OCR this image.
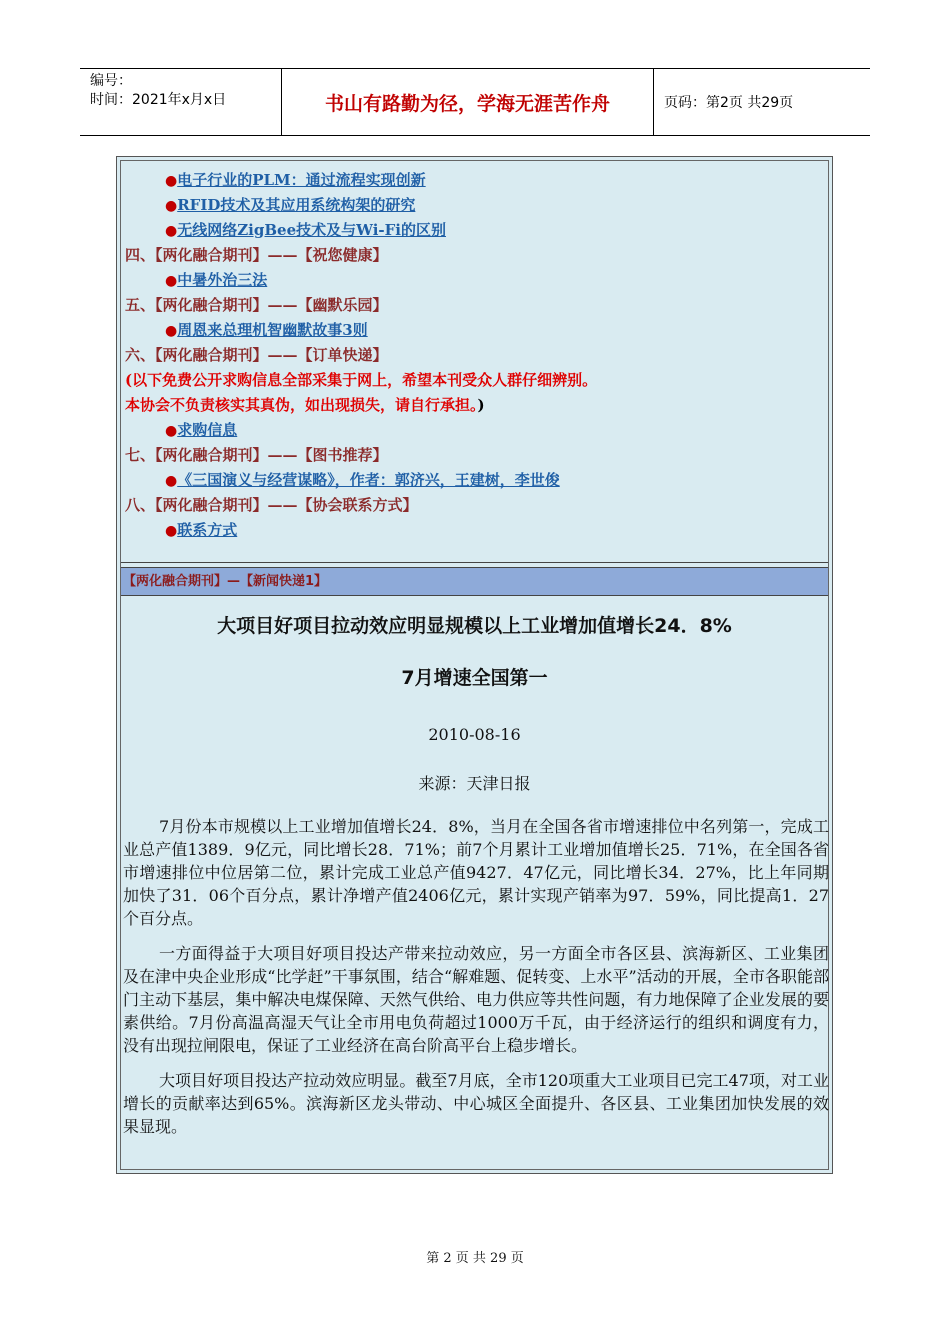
编号：
时间：2021年x月x日	书山有路勤为径，学海无涯苦作舟	页码：第2页 共29页
●电子行业的PLM：通过流程实现创新
●RFID技术及其应用系统构架的研究
●无线网络ZigBee技术及与Wi-Fi的区别
四、【两化融合期刊】——【祝您健康】
●中暑外治三法
五、【两化融合期刊】——【幽默乐园】
●周恩来总理机智幽默故事3则
六、【两化融合期刊】——【订单快递】
(以下免费公开求购信息全部采集于网上，希望本刊受众人群仔细辨别。
本协会不负责核实其真伪，如出现损失，请自行承担。)
●求购信息
七、【两化融合期刊】——【图书推荐】
●《三国演义与经营谋略》，作者：郭济兴，王建树，李世俊
八、【两化融合期刊】——【协会联系方式】
●联系方式
【两化融合期刊】—【新闻快递1】
大项目好项目拉动效应明显规模以上工业增加值增长24．8%
7月增速全国第一
2010-08-16
来源：天津日报

7月份本市规模以上工业增加值增长24．8%，当月在全国各省市增速排位中名列第一，完成工业总产值1389．9亿元，同比增长28．71%；前7个月累计工业增加值增长25．71%，在全国各省市增速排位中位居第二位，累计完成工业总产值9427．47亿元，同比增长34．27%，比上年同期加快了31．06个百分点，累计净增产值2406亿元，累计实现产销率为97．59%，同比提高1．27个百分点。

一方面得益于大项目好项目投达产带来拉动效应，另一方面全市各区县、滨海新区、工业集团及在津中央企业形成“比学赶”干事氛围，结合“解难题、促转变、上水平”活动的开展，全市各职能部门主动下基层，集中解决电煤保障、天然气供给、电力供应等共性问题，有力地保障了企业发展的要素供给。7月份高温高湿天气让全市用电负荷超过1000万千瓦，由于经济运行的组织和调度有力，没有出现拉闸限电，保证了工业经济在高台阶高平台上稳步增长。

大项目好项目投达产拉动效应明显。截至7月底，全市120项重大工业项目已完工47项，对工业增长的贡献率达到65%。滨海新区龙头带动、中心城区全面提升、各区县、工业集团加快发展的效果显现。

第 2 页 共 29 页
